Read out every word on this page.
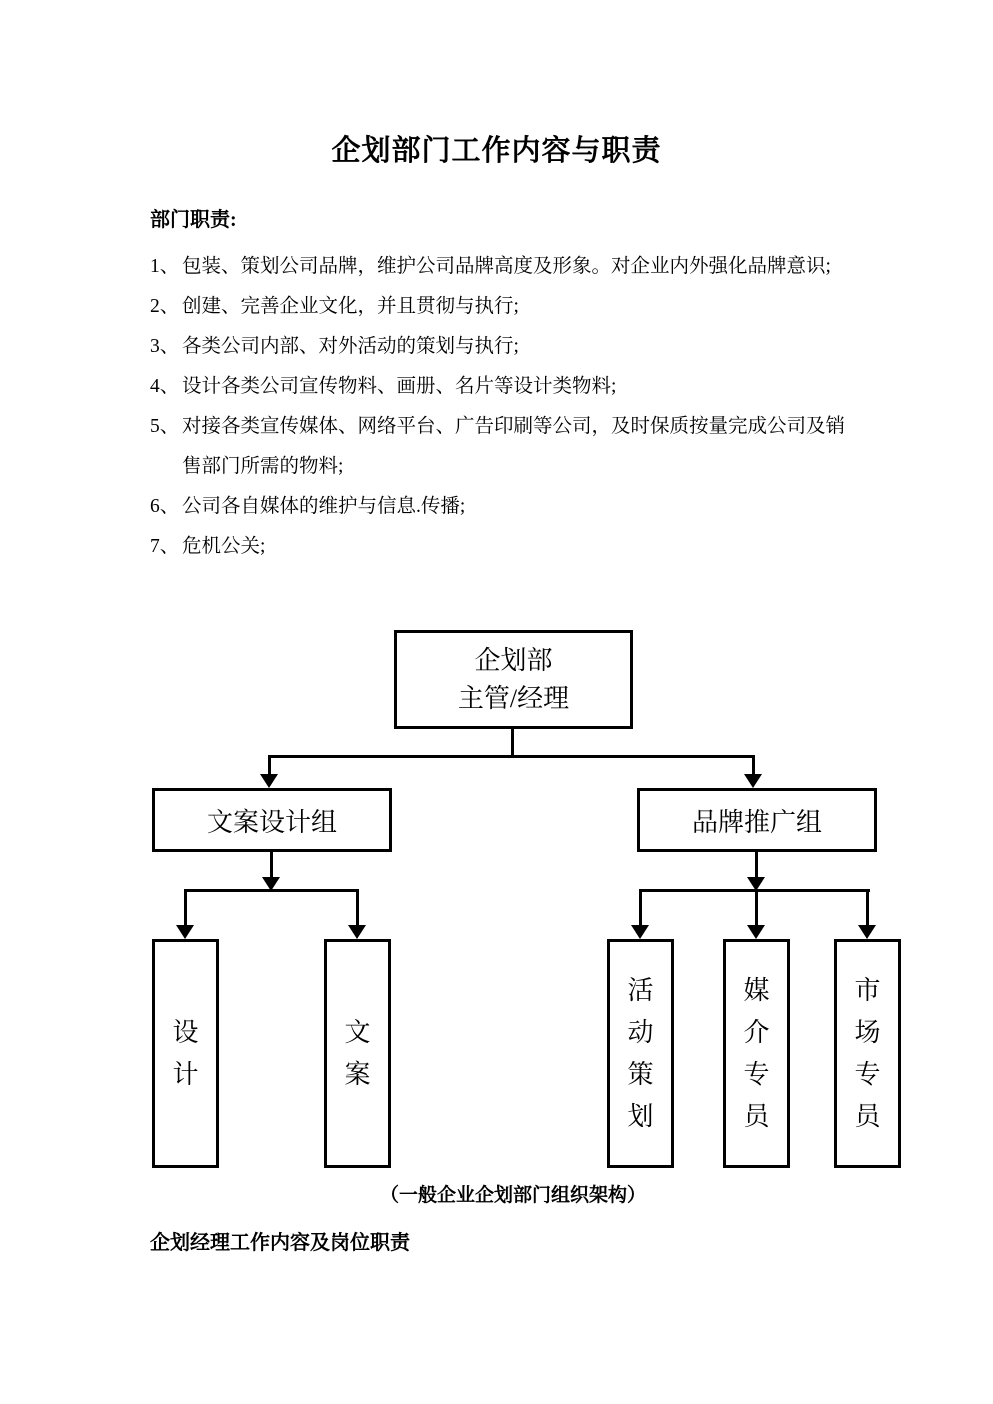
企划部门工作内容与职责
部门职责:
1、 包装、策划公司品牌，维护公司品牌高度及形象。对企业内外强化品牌意识;
2、 创建、完善企业文化，并且贯彻与执行;
3、 各类公司内部、对外活动的策划与执行;
4、 设计各类公司宣传物料、画册、名片等设计类物料;
5、 对接各类宣传媒体、网络平台、广告印刷等公司，及时保质按量完成公司及销售部门所需的物料;
6、 公司各自媒体的维护与信息.传播;
7、 危机公关;
企划部
主管/经理
文案设计组	品牌推广组
设计
文案
活动策划
媒介专员
市场专员
（一般企业企划部门组织架构）
企划经理工作内容及岗位职责
